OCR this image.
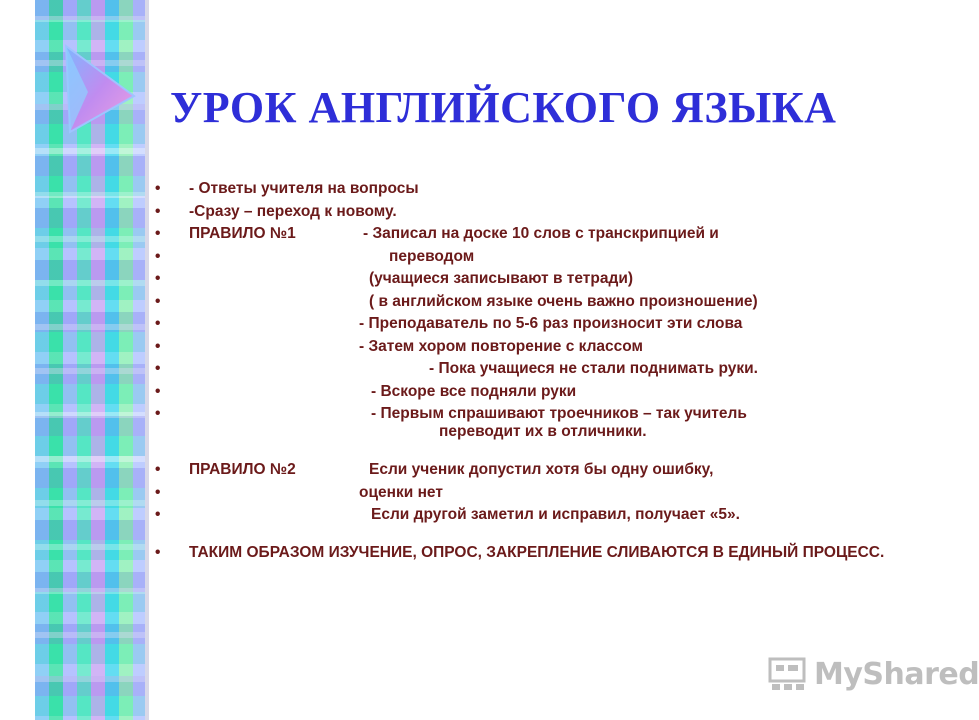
УРОК АНГЛИЙСКОГО ЯЗЫКА
• - Ответы учителя на вопросы
• -Сразу – переход к новому.
• ПРАВИЛО №1	- Записал на доске 10 слов с транскрипцией и
•	переводом
•	(учащиеся записывают в тетради)
•	( в английском языке очень важно произношение)
•	- Преподаватель по 5-6 раз произносит эти слова
•	- Затем хором повторение с классом
•	- Пока учащиеся не стали поднимать руки.
•	- Вскоре все подняли руки
•	- Первым спрашивают троечников – так учитель
переводит их в отличники.
• ПРАВИЛО №2	Если ученик допустил хотя бы одну ошибку,
•	оценки нет
•	Если другой заметил и исправил, получает «5».
• ТАКИМ ОБРАЗОМ ИЗУЧЕНИЕ, ОПРОС, ЗАКРЕПЛЕНИЕ СЛИВАЮТСЯ В ЕДИНЫЙ ПРОЦЕСС.
MyShared
